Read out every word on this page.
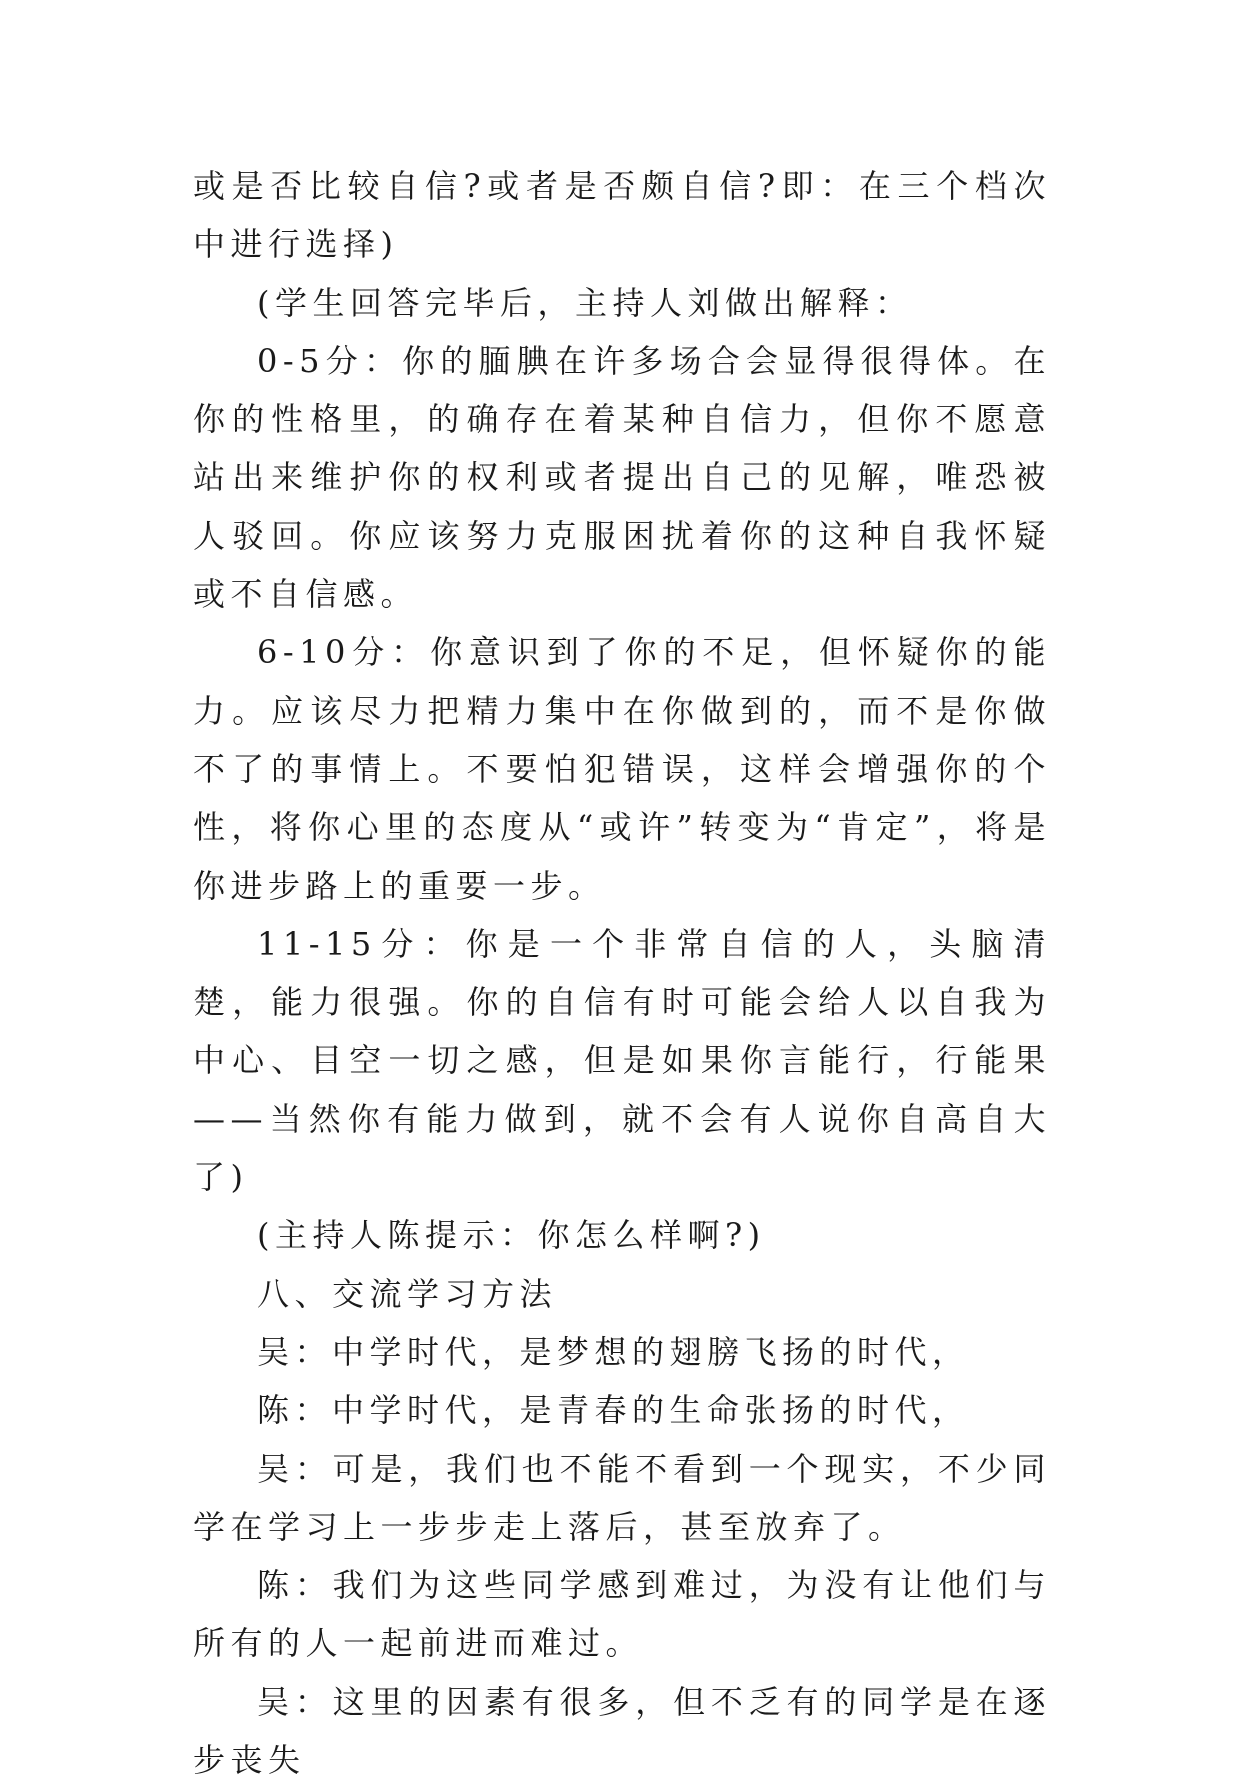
或是否比较自信?或者是否颇自信?即：在三个档次中进行选择)

(学生回答完毕后，主持人刘做出解释：

0-5分：你的腼腆在许多场合会显得很得体。在你的性格里，的确存在着某种自信力，但你不愿意站出来维护你的权利或者提出自己的见解，唯恐被人驳回。你应该努力克服困扰着你的这种自我怀疑或不自信感。

6-10分：你意识到了你的不足，但怀疑你的能力。应该尽力把精力集中在你做到的，而不是你做不了的事情上。不要怕犯错误，这样会增强你的个性，将你心里的态度从“或许”转变为“肯定”，将是你进步路上的重要一步。

11-15分：你是一个非常自信的人，头脑清楚，能力很强。你的自信有时可能会给人以自我为中心、目空一切之感，但是如果你言能行，行能果——当然你有能力做到，就不会有人说你自高自大了)

(主持人陈提示：你怎么样啊?)

八、交流学习方法

吴：中学时代，是梦想的翅膀飞扬的时代，

陈：中学时代，是青春的生命张扬的时代，

吴：可是，我们也不能不看到一个现实，不少同学在学习上一步步走上落后，甚至放弃了。

陈：我们为这些同学感到难过，为没有让他们与所有的人一起前进而难过。

吴：这里的因素有很多，但不乏有的同学是在逐步丧失
